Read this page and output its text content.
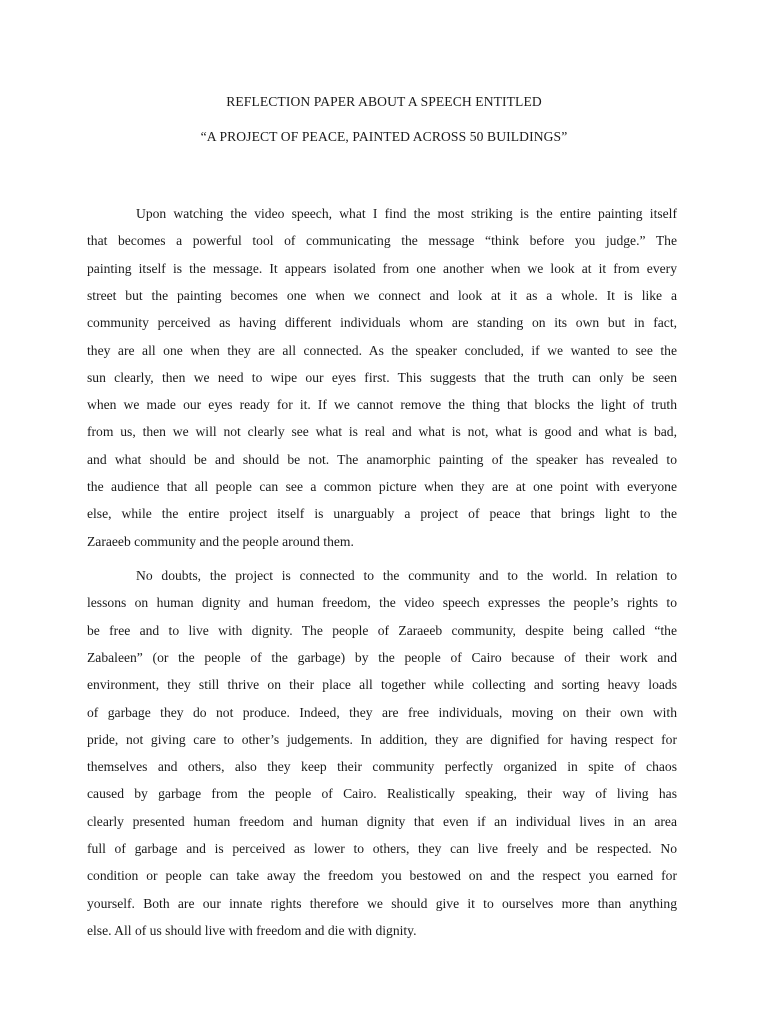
REFLECTION PAPER ABOUT A SPEECH ENTITLED
“A PROJECT OF PEACE, PAINTED ACROSS 50 BUILDINGS”
Upon watching the video speech, what I find the most striking is the entire painting itself
that becomes a powerful tool of communicating the message “think before you judge.” The
painting itself is the message. It appears isolated from one another when we look at it from every
street but the painting becomes one when we connect and look at it as a whole. It is like a
community perceived as having different individuals whom are standing on its own but in fact,
they are all one when they are all connected. As the speaker concluded, if we wanted to see the
sun clearly, then we need to wipe our eyes first. This suggests that the truth can only be seen
when we made our eyes ready for it. If we cannot remove the thing that blocks the light of truth
from us, then we will not clearly see what is real and what is not, what is good and what is bad,
and what should be and should be not. The anamorphic painting of the speaker has revealed to
the audience that all people can see a common picture when they are at one point with everyone
else, while the entire project itself is unarguably a project of peace that brings light to the
Zaraeeb community and the people around them.
No doubts, the project is connected to the community and to the world. In relation to
lessons on human dignity and human freedom, the video speech expresses the people’s rights to
be free and to live with dignity. The people of Zaraeeb community, despite being called “the
Zabaleen” (or the people of the garbage) by the people of Cairo because of their work and
environment, they still thrive on their place all together while collecting and sorting heavy loads
of garbage they do not produce. Indeed, they are free individuals, moving on their own with
pride, not giving care to other’s judgements. In addition, they are dignified for having respect for
themselves and others, also they keep their community perfectly organized in spite of chaos
caused by garbage from the people of Cairo. Realistically speaking, their way of living has
clearly presented human freedom and human dignity that even if an individual lives in an area
full of garbage and is perceived as lower to others, they can live freely and be respected. No
condition or people can take away the freedom you bestowed on and the respect you earned for
yourself. Both are our innate rights therefore we should give it to ourselves more than anything
else. All of us should live with freedom and die with dignity.
